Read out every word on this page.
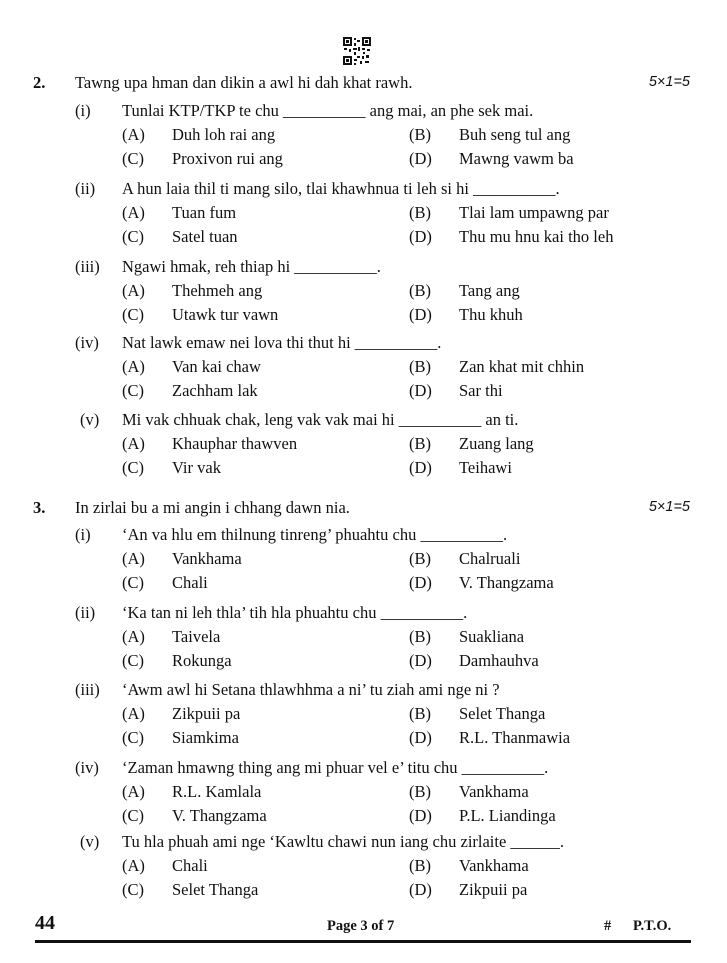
2. Tawng upa hman dan dikin a awl hi dah khat rawh.	5×1=5
(i) Tunlai KTP/TKP te chu __________ ang mai, an phe sek mai.
(A) Duh loh rai ang	(B) Buh seng tul ang
(C) Proxivon rui ang	(D) Mawng vawm ba
(ii) A hun laia thil ti mang silo, tlai khawhnua ti leh si hi __________.
(A) Tuan fum	(B) Tlai lam umpawng par
(C) Satel tuan	(D) Thu mu hnu kai tho leh
(iii) Ngawi hmak, reh thiap hi __________.
(A) Thehmeh ang	(B) Tang ang
(C) Utawk tur vawn	(D) Thu khuh
(iv) Nat lawk emaw nei lova thi thut hi __________.
(A) Van kai chaw	(B) Zan khat mit chhin
(C) Zachham lak	(D) Sar thi
(v) Mi vak chhuak chak, leng vak vak mai hi __________ an ti.
(A) Khauphar thawven	(B) Zuang lang
(C) Vir vak	(D) Teihawi
3. In zirlai bu a mi angin i chhang dawn nia.	5×1=5
(i) ‘An va hlu em thilnung tinreng’ phuahtu chu __________.
(A) Vankhama	(B) Chalruali
(C) Chali	(D) V. Thangzama
(ii) ‘Ka tan ni leh thla’ tih hla phuahtu chu __________.
(A) Taivela	(B) Suakliana
(C) Rokunga	(D) Damhauhva
(iii) ‘Awm awl hi Setana thlawhhma a ni’ tu ziah ami nge ni ?
(A) Zikpuii pa	(B) Selet Thanga
(C) Siamkima	(D) R.L. Thanmawia
(iv) ‘Zaman hmawng thing ang mi phuar vel e’ titu chu __________.
(A) R.L. Kamlala	(B) Vankhama
(C) V. Thangzama	(D) P.L. Liandinga
(v) Tu hla phuah ami nge ‘Kawltu chawi nun iang chu zirlaite ______.
(A) Chali	(B) Vankhama
(C) Selet Thanga	(D) Zikpuii pa
44	Page 3 of 7	# P.T.O.
